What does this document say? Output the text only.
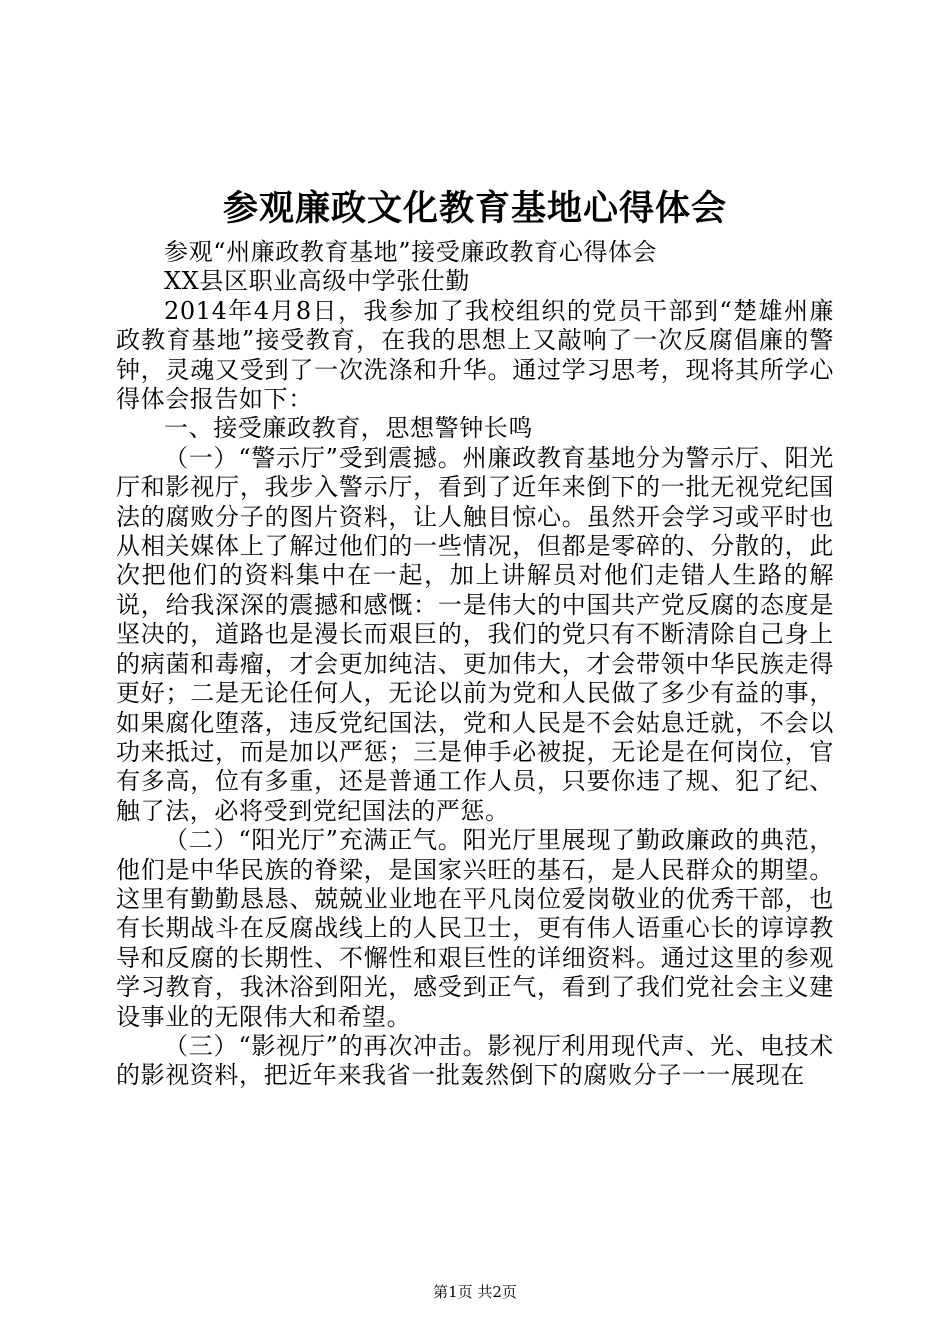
参观廉政文化教育基地心得体会

参观“州廉政教育基地”接受廉政教育心得体会

XX县区职业高级中学张仕勤

2014年4月8日，我参加了我校组织的党员干部到“楚雄州廉政教育基地”接受教育，在我的思想上又敲响了一次反腐倡廉的警钟，灵魂又受到了一次洗涤和升华。通过学习思考，现将其所学心得体会报告如下：

一、接受廉政教育，思想警钟长鸣

（一）“警示厅”受到震撼。州廉政教育基地分为警示厅、阳光厅和影视厅，我步入警示厅，看到了近年来倒下的一批无视党纪国法的腐败分子的图片资料，让人触目惊心。虽然开会学习或平时也从相关媒体上了解过他们的一些情况，但都是零碎的、分散的，此次把他们的资料集中在一起，加上讲解员对他们走错人生路的解说，给我深深的震撼和感慨：一是伟大的中国共产党反腐的态度是坚决的，道路也是漫长而艰巨的，我们的党只有不断清除自己身上的病菌和毒瘤，才会更加纯洁、更加伟大，才会带领中华民族走得更好；二是无论任何人，无论以前为党和人民做了多少有益的事，如果腐化堕落，违反党纪国法，党和人民是不会姑息迁就，不会以功来抵过，而是加以严惩；三是伸手必被捉，无论是在何岗位，官有多高，位有多重，还是普通工作人员，只要你违了规、犯了纪、触了法，必将受到党纪国法的严惩。

（二）“阳光厅”充满正气。阳光厅里展现了勤政廉政的典范，他们是中华民族的脊梁，是国家兴旺的基石，是人民群众的期望。这里有勤勤恳恳、兢兢业业地在平凡岗位爱岗敬业的优秀干部，也有长期战斗在反腐战线上的人民卫士，更有伟人语重心长的谆谆教导和反腐的长期性、不懈性和艰巨性的详细资料。通过这里的参观学习教育，我沐浴到阳光，感受到正气，看到了我们党社会主义建设事业的无限伟大和希望。

（三）“影视厅”的再次冲击。影视厅利用现代声、光、电技术的影视资料，把近年来我省一批轰然倒下的腐败分子一一展现在

第1页 共2页
